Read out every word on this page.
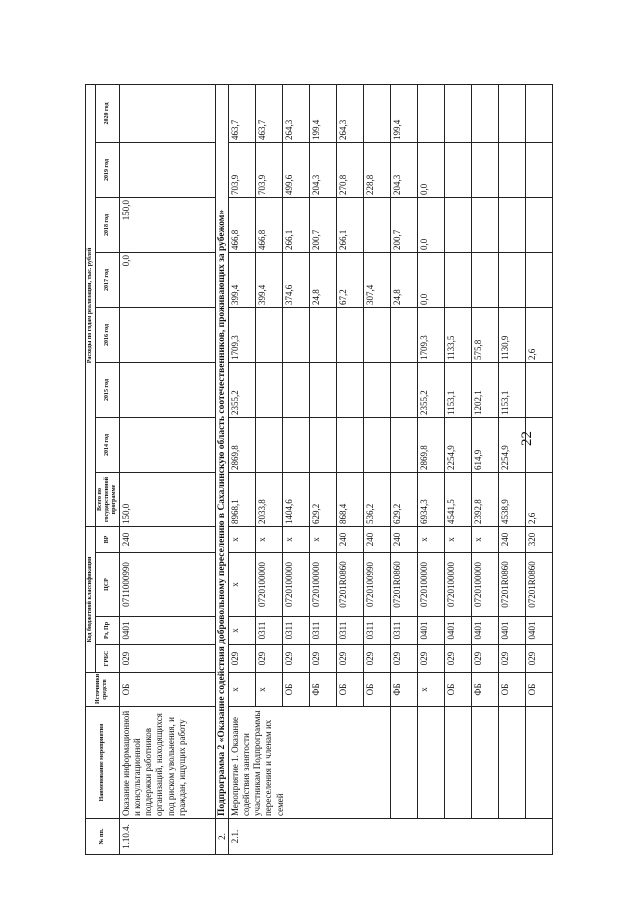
22
№ пп.	Наименование мероприятия	Источники средств	Код бюджетной классификации				Расходы по годам реализации, тыс. рублей							
			ГРБС	Рз, Пр	ЦСР	ВР	Всего по государственной программе	2014 год	2015 год	2016 год	2017 год	2018 год	2019 год	2020 год
1.10.4.	Оказание информационной и консультационной поддержки работников организаций, находящихся под риском увольнения, и граждан, ищущих работу	ОБ	029	0401	0711000990	240	150,0				0,0	150,0		
2.	Подпрограмма 2 «Оказание содействия добровольному переселению в Сахалинскую область соотечественников, проживающих за рубежом»													
2.1.	Мероприятие 1. Оказание содействия занятости участникам Подпрограммы переселения и членам их семей	х	029	х	х	х	8968,1	2869,8	2355,2	1709,3	399,4	466,8	703,9	463,7
		х	029	0311	0720100000	х	2033,8				399,4	466,8	703,9	463,7
		ОБ	029	0311	0720100000	х	1404,6				374,6	266,1	499,6	264,3
		ФБ	029	0311	0720100000	х	629,2				24,8	200,7	204,3	199,4
		ОБ	029	0311	07201R0860	240	868,4				67,2	266,1	270,8	264,3
		ОБ	029	0311	0720100990	240	536,2				307,4		228,8	
		ФБ	029	0311	07201R0860	240	629,2				24,8	200,7	204,3	199,4
		х	029	0401	0720100000	х	6934,3	2869,8	2355,2	1709,3	0,0	0,0	0,0	
		ОБ	029	0401	0720100000	х	4541,5	2254,9	1153,1	1133,5				
		ФБ	029	0401	0720100000	х	2392,8	614,9	1202,1	575,8				
		ОБ	029	0401	07201R0860	240	4538,9	2254,9	1153,1	1130,9				
		ОБ	029	0401	07201R0860	320	2,6			2,6				
